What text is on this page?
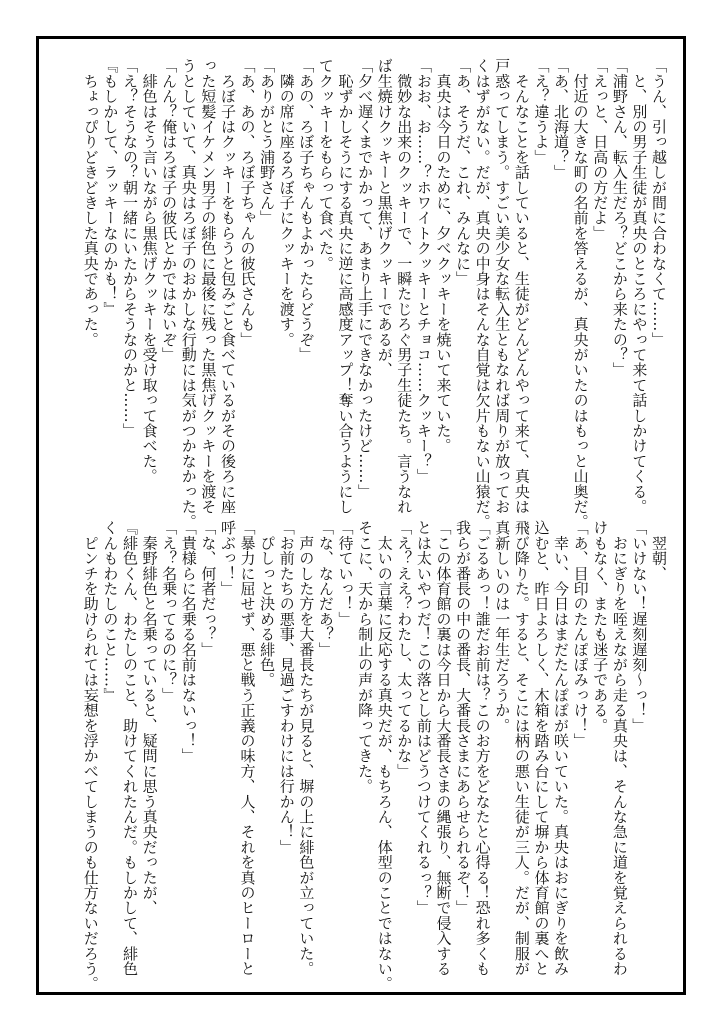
「うん、引っ越しが間に合わなくて……」
　と、別の男子生徒が真央のところにやって来て話しかけてくる。
「浦野さん、転入生だろ？どこから来たの？」
「えっと、日高の方だよ」
　付近の大きな町の名前を答えるが、真央がいたのはもっと山奥だ。
「あ、北海道？」
「え？違うよ」
　そんなことを話していると、生徒がどんどんやって来て、真央は
戸惑ってしまう。すごい美少女な転入生ともなれば周りが放ってお
くはずがない。だが、真央の中身はそんな自覚は欠片もない山猿だ。
「あ、そうだ、これ、みんなに」
　真央は今日のために、夕べクッキーを焼いて来ていた。
「おお、お……？ホワイトクッキーとチョコ……クッキー？」
　微妙な出来のクッキーで、一瞬たじろぐ男子生徒たち。言うなれ
ば生焼けクッキーと黒焦げクッキーであるが、
「夕べ遅くまでかかって、あまり上手にできなかったけど……」
　恥ずかしそうにする真央に逆に高感度アップ！奪い合うようにし
てクッキーをもらって食べた。
「あの、ろぼ子ちゃんもよかったらどうぞ」
　隣の席に座るろぼ子にクッキーを渡す。
「ありがとう浦野さん」
「あ、あの、ろぼ子ちゃんの彼氏さんも」
　ろぼ子はクッキーをもらうと包みごと食べているがその後ろに座
った短髪イケメン男子の緋色に最後に残った黒焦げクッキーを渡そ
うとしていて、真央はろぼ子のおかしな行動には気がつかなかった。
「んん？俺はろぼ子の彼氏とかではないぞ」
　緋色はそう言いながら黒焦げクッキーを受け取って食べた。
「え？そうなの？朝一緒にいたからそうなのかと……」
『もしかして、ラッキーなのかも！』
　ちょっぴりどきどきした真央であった。
　翌朝、
「いけない！遅刻遅刻～っ！」
　おにぎりを咥えながら走る真央は、そんな急に道を覚えられるわ
けもなく、またも迷子である。
「あ、目印のたんぽぽみっけ！」
　幸い、今日はまだたんぽぽが咲いていた。真央はおにぎりを飲み
込むと、昨日よろしく、木箱を踏み台にして塀から体育館の裏へと
飛び降りた。すると、そこには柄の悪い生徒が三人。だが、制服が
真新しいのは一年生だろうか。
「ごるあっ！誰だお前は？このお方をどなたと心得る！恐れ多くも
我らが番長の中の番長、大番長さまにあらせられるぞ！」
「この体育館の裏は今日から大番長さまの縄張り、無断で侵入する
とは太いやつだ！この落とし前はどうつけてくれるっ？」
「え？ええ？わたし、太ってるかな」
　太いの言葉に反応する真央だが、もちろん、体型のことではない。
そこに、天から制止の声が降ってきた。
「待ていっ！」
「な、なんだあ？」
　声のした方を大番長たちが見ると、塀の上に緋色が立っていた。
「お前たちの悪事、見過ごすわけには行かん！」
　ぴしっと決める緋色。
「暴力に屈せず、悪と戦う正義の味方、人、それを真のヒーローと
呼ぶっ！」
「な、何者だっ？」
「貴様らに名乗る名前はないっ！」
「え？名乗ってるのに？」
　秦野緋色と名乗っていると、疑問に思う真央だったが、
『緋色くん、わたしのこと、助けてくれたんだ。もしかして、緋色
くんもわたしのこと……』
　ピンチを助けられては妄想を浮かべてしまうのも仕方ないだろう。
